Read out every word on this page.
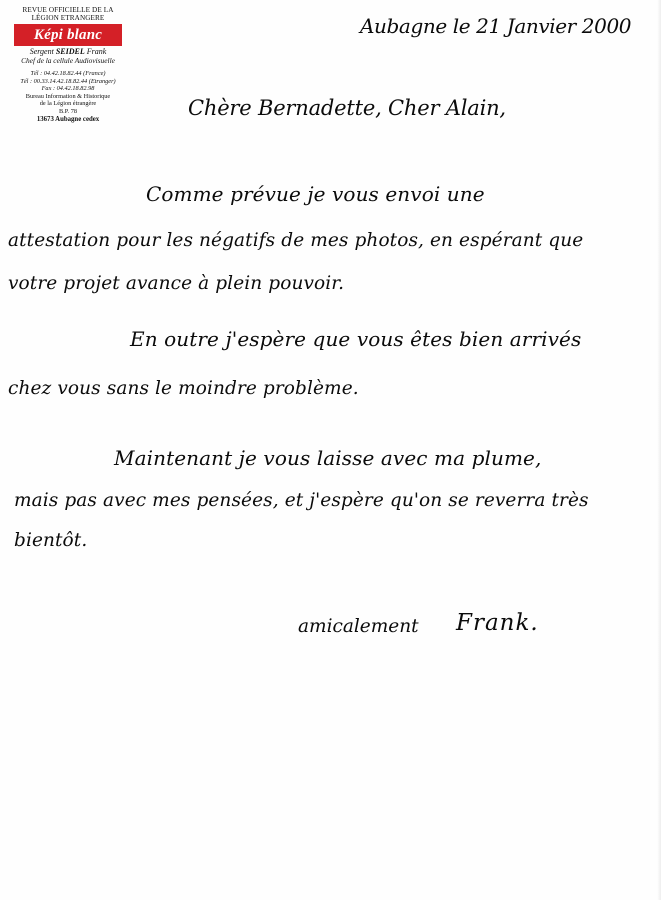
REVUE OFFICIELLE DE LA
LÉGION ETRANGERE
Képi blanc
Sergent SEIDEL Frank
Chef de la cellule Audiovisuelle
Tél : 04.42.18.82.44 (France)
Tél : 00.33.14.42.18.82.44 (Etranger)
Fax : 04.42.18.82.98
Bureau Information & Historique
de la Légion étrangère
B.P. 78
13673 Aubagne cedex
Aubagne le 21 Janvier 2000
Chère Bernadette, Cher Alain,
Comme prévue je vous envoi une
attestation pour les négatifs de mes photos, en espérant que
votre projet avance à plein pouvoir.
En outre j'espère que vous êtes bien arrivés
chez vous sans le moindre problème.
Maintenant je vous laisse avec ma plume,
mais pas avec mes pensées, et j'espère qu'on se reverra très
bientôt.
amicalement Frank.
